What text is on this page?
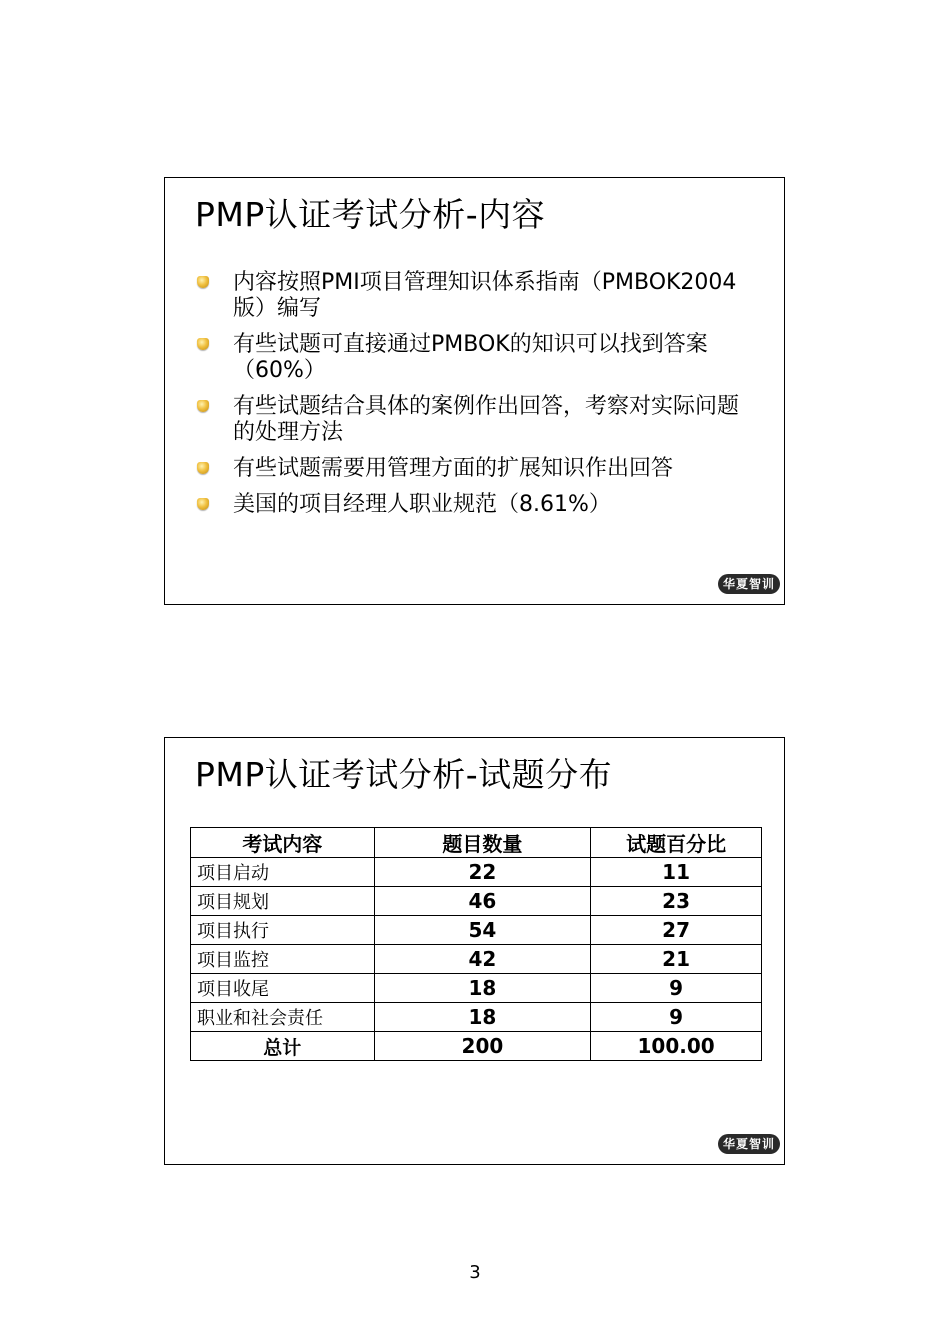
PMP认证考试分析-内容
内容按照PMI项目管理知识体系指南（PMBOK2004版）编写
有些试题可直接通过PMBOK的知识可以找到答案（60%）
有些试题结合具体的案例作出回答，考察对实际问题的处理方法
有些试题需要用管理方面的扩展知识作出回答
美国的项目经理人职业规范（8.61%）
华夏智训
PMP认证考试分析-试题分布
考试内容	题目数量	试题百分比
项目启动	22	11
项目规划	46	23
项目执行	54	27
项目监控	42	21
项目收尾	18	9
职业和社会责任	18	9
总计	200	100.00
华夏智训
3
